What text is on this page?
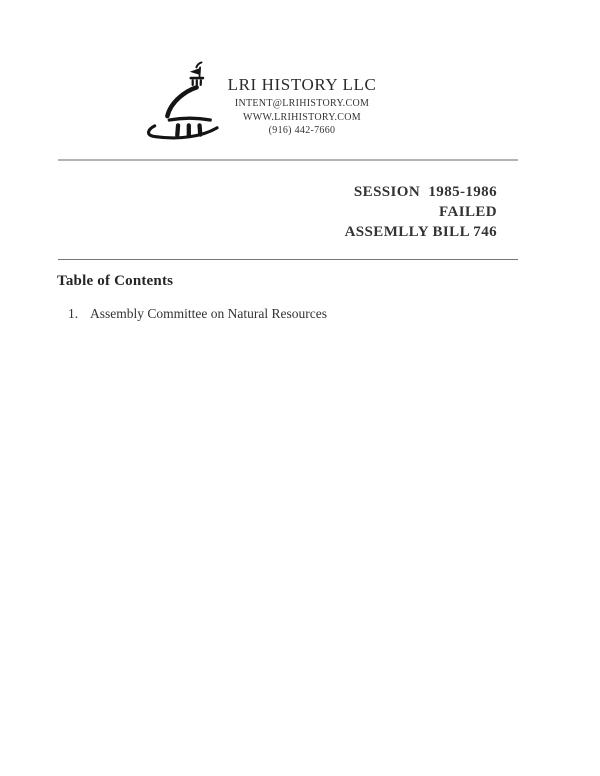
LRI HISTORY LLC
INTENT@LRIHISTORY.COM
WWW.LRIHISTORY.COM
(916) 442-7660
SESSION  1985-1986
FAILED
ASSEMLLY BILL 746
Table of Contents
1. Assembly Committee on Natural Resources
